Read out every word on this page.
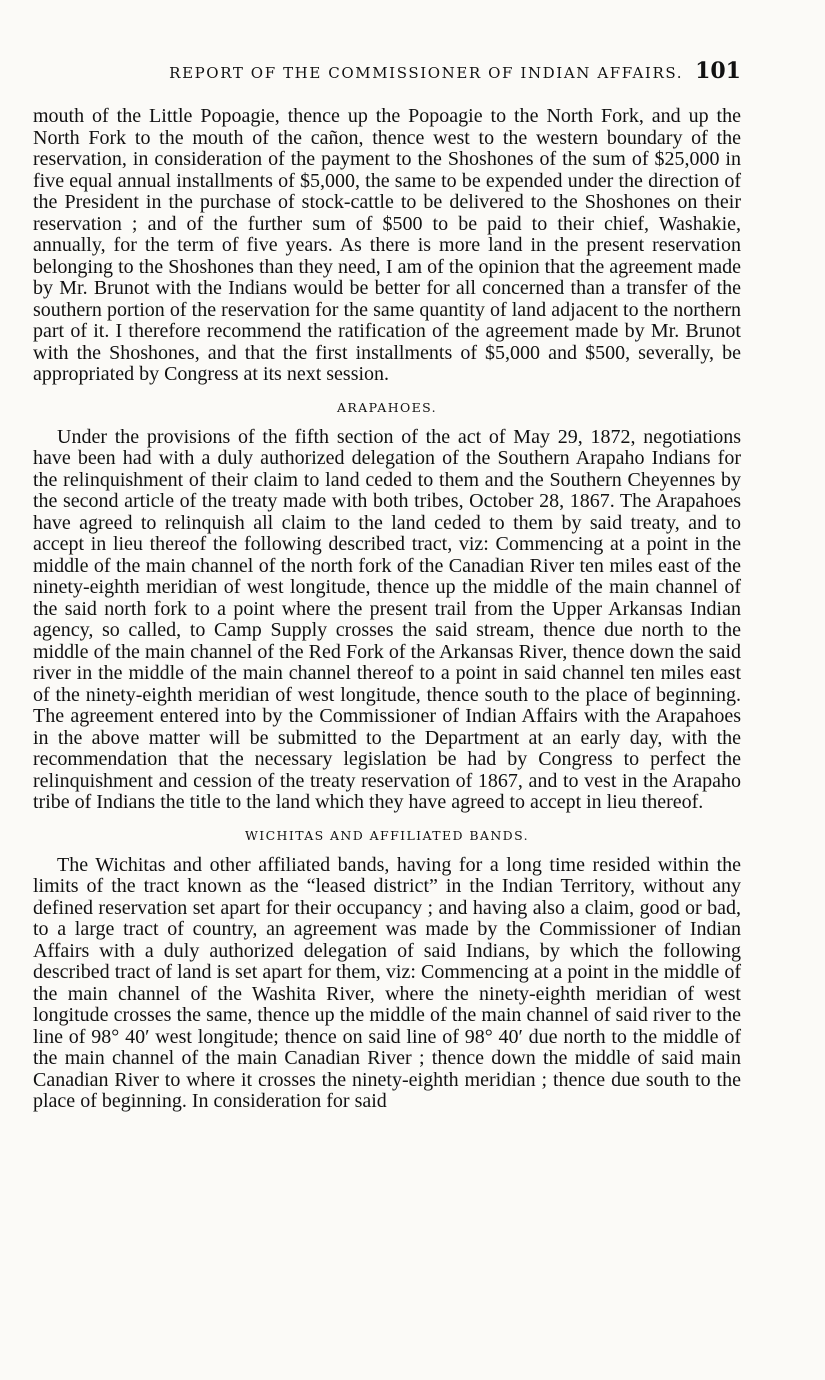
REPORT OF THE COMMISSIONER OF INDIAN AFFAIRS. 101

mouth of the Little Popoagie, thence up the Popoagie to the North Fork, and up the North Fork to the mouth of the cañon, thence west to the western boundary of the reservation, in consideration of the payment to the Shoshones of the sum of $25,000 in five equal annual installments of $5,000, the same to be expended under the direction of the President in the purchase of stock-cattle to be delivered to the Shoshones on their reservation ; and of the further sum of $500 to be paid to their chief, Washakie, annually, for the term of five years. As there is more land in the present reservation belonging to the Shoshones than they need, I am of the opinion that the agreement made by Mr. Brunot with the Indians would be better for all concerned than a transfer of the southern portion of the reservation for the same quantity of land adjacent to the northern part of it. I therefore recommend the ratification of the agreement made by Mr. Brunot with the Shoshones, and that the first installments of $5,000 and $500, severally, be appropriated by Congress at its next session.

ARAPAHOES.

Under the provisions of the fifth section of the act of May 29, 1872, negotiations have been had with a duly authorized delegation of the Southern Arapaho Indians for the relinquishment of their claim to land ceded to them and the Southern Cheyennes by the second article of the treaty made with both tribes, October 28, 1867. The Arapahoes have agreed to relinquish all claim to the land ceded to them by said treaty, and to accept in lieu thereof the following described tract, viz: Commencing at a point in the middle of the main channel of the north fork of the Canadian River ten miles east of the ninety-eighth meridian of west longitude, thence up the middle of the main channel of the said north fork to a point where the present trail from the Upper Arkansas Indian agency, so called, to Camp Supply crosses the said stream, thence due north to the middle of the main channel of the Red Fork of the Arkansas River, thence down the said river in the middle of the main channel thereof to a point in said channel ten miles east of the ninety-eighth meridian of west longitude, thence south to the place of beginning. The agreement entered into by the Commissioner of Indian Affairs with the Arapahoes in the above matter will be submitted to the Department at an early day, with the recommendation that the necessary legislation be had by Congress to perfect the relinquishment and cession of the treaty reservation of 1867, and to vest in the Arapaho tribe of Indians the title to the land which they have agreed to accept in lieu thereof.

WICHITAS AND AFFILIATED BANDS.

The Wichitas and other affiliated bands, having for a long time resided within the limits of the tract known as the “leased district” in the Indian Territory, without any defined reservation set apart for their occupancy ; and having also a claim, good or bad, to a large tract of country, an agreement was made by the Commissioner of Indian Affairs with a duly authorized delegation of said Indians, by which the following described tract of land is set apart for them, viz: Commencing at a point in the middle of the main channel of the Washita River, where the ninety-eighth meridian of west longitude crosses the same, thence up the middle of the main channel of said river to the line of 98° 40′ west longitude; thence on said line of 98° 40′ due north to the middle of the main channel of the main Canadian River ; thence down the middle of said main Canadian River to where it crosses the ninety-eighth meridian ; thence due south to the place of beginning. In consideration for said
